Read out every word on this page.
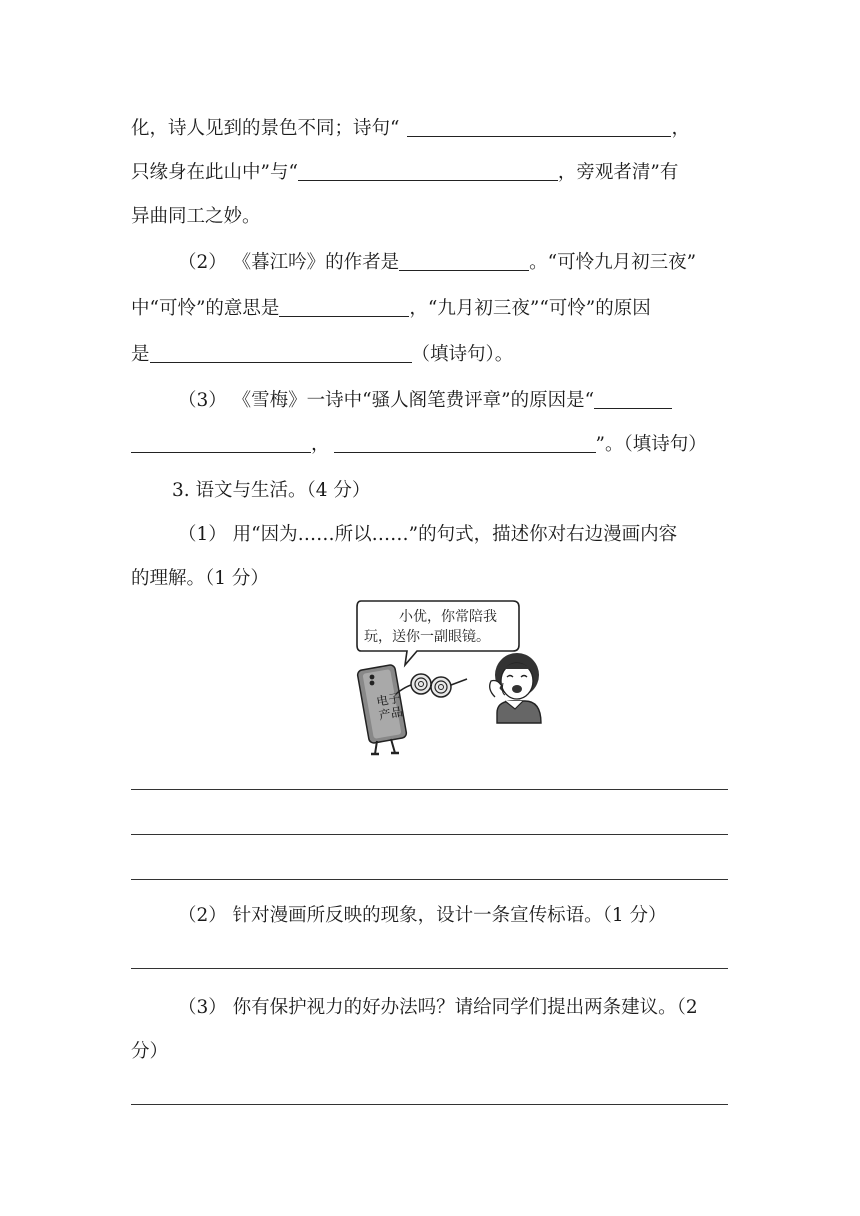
化，诗人见到的景色不同；诗句“	，
只缘身在此山中”与“	，旁观者清”有
异曲同工之妙。
（2） 《暮江吟》的作者是	。“可怜九月初三夜”
中“可怜”的意思是	，“九月初三夜”“可怜”的原因
是	（填诗句）。
（3） 《雪梅》一诗中“骚人阁笔费评章”的原因是“
，	”。（填诗句）
3. 语文与生活。（4 分）
（1） 用“因为……所以……”的句式，描述你对右边漫画内容
的理解。（1 分）
小优，你常陪我
玩，送你一副眼镜。
电子
产品
（2） 针对漫画所反映的现象，设计一条宣传标语。（1 分）
（3） 你有保护视力的好办法吗？请给同学们提出两条建议。（2
分）
